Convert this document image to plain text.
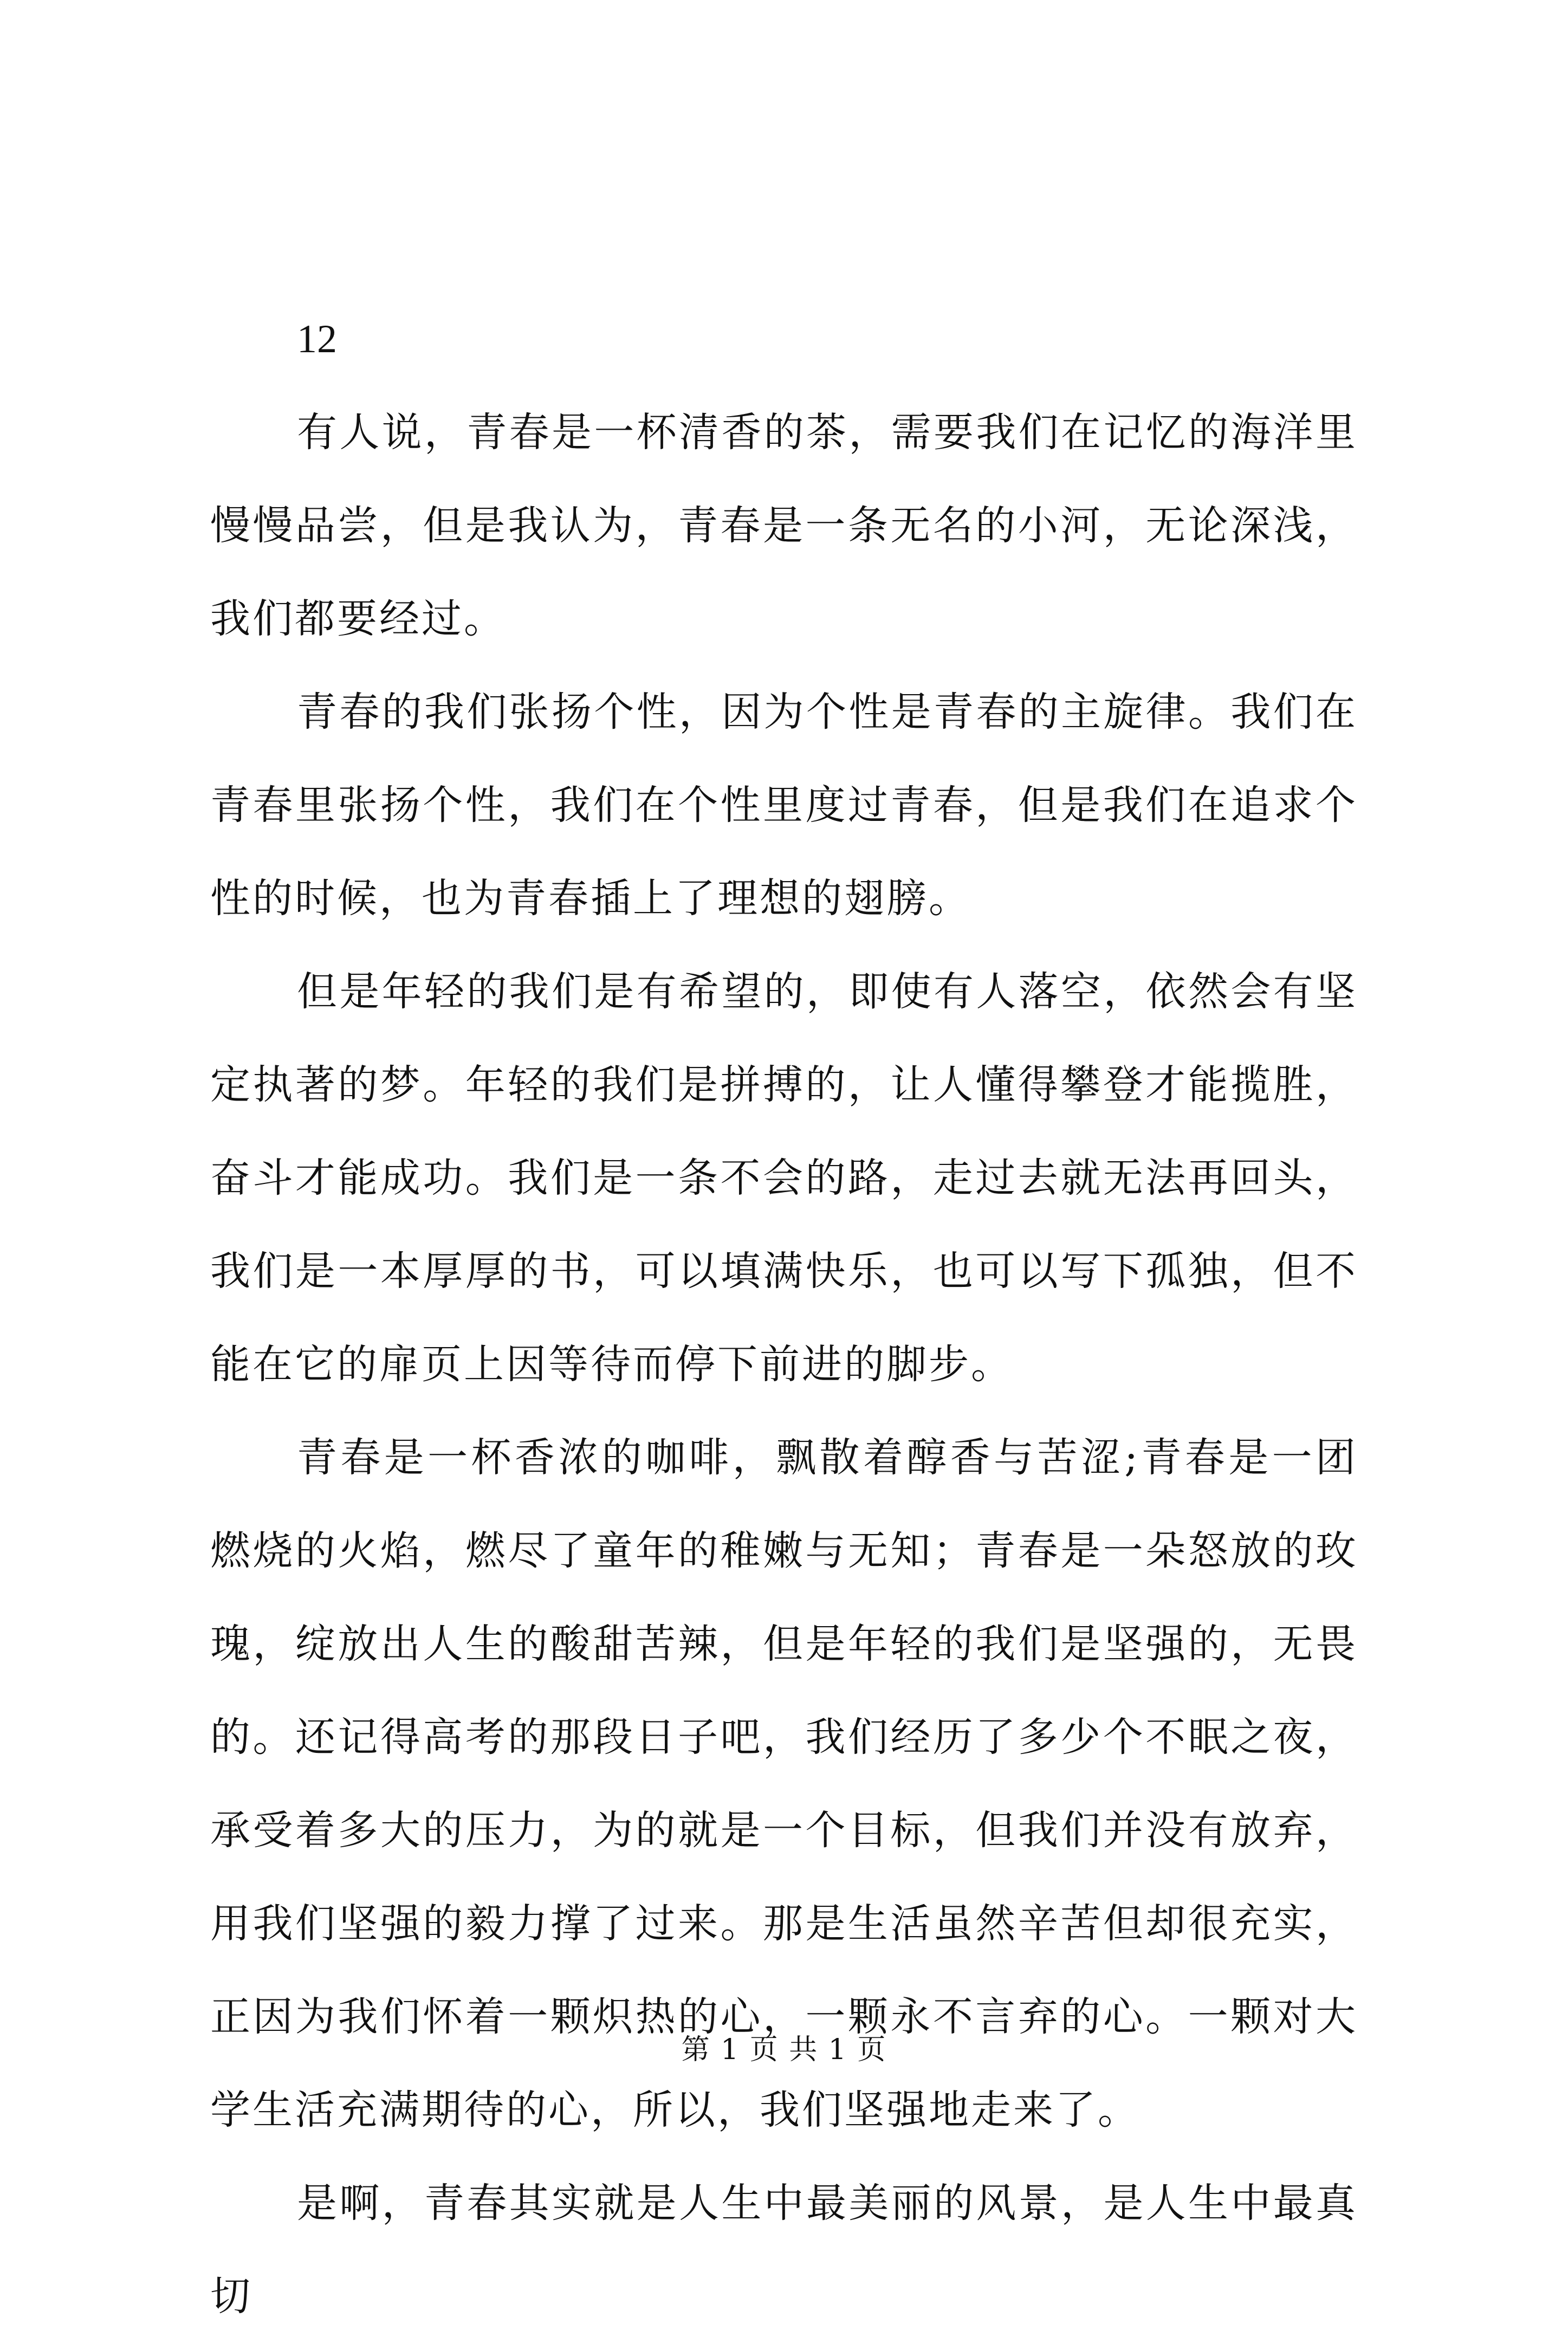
12

有人说，青春是一杯清香的茶，需要我们在记忆的海洋里慢慢品尝，但是我认为，青春是一条无名的小河，无论深浅，我们都要经过。

青春的我们张扬个性，因为个性是青春的主旋律。我们在青春里张扬个性，我们在个性里度过青春，但是我们在追求个性的时候，也为青春插上了理想的翅膀。

但是年轻的我们是有希望的，即使有人落空，依然会有坚定执著的梦。年轻的我们是拼搏的，让人懂得攀登才能揽胜，奋斗才能成功。我们是一条不会的路，走过去就无法再回头，我们是一本厚厚的书，可以填满快乐，也可以写下孤独，但不能在它的扉页上因等待而停下前进的脚步。

青春是一杯香浓的咖啡，飘散着醇香与苦涩;青春是一团燃烧的火焰，燃尽了童年的稚嫩与无知；青春是一朵怒放的玫瑰，绽放出人生的酸甜苦辣，但是年轻的我们是坚强的，无畏的。还记得高考的那段日子吧，我们经历了多少个不眠之夜，承受着多大的压力，为的就是一个目标，但我们并没有放弃，用我们坚强的毅力撑了过来。那是生活虽然辛苦但却很充实，正因为我们怀着一颗炽热的心，一颗永不言弃的心。一颗对大学生活充满期待的心，所以，我们坚强地走来了。

是啊，青春其实就是人生中最美丽的风景，是人生中最真切

第 1 页 共 1 页
